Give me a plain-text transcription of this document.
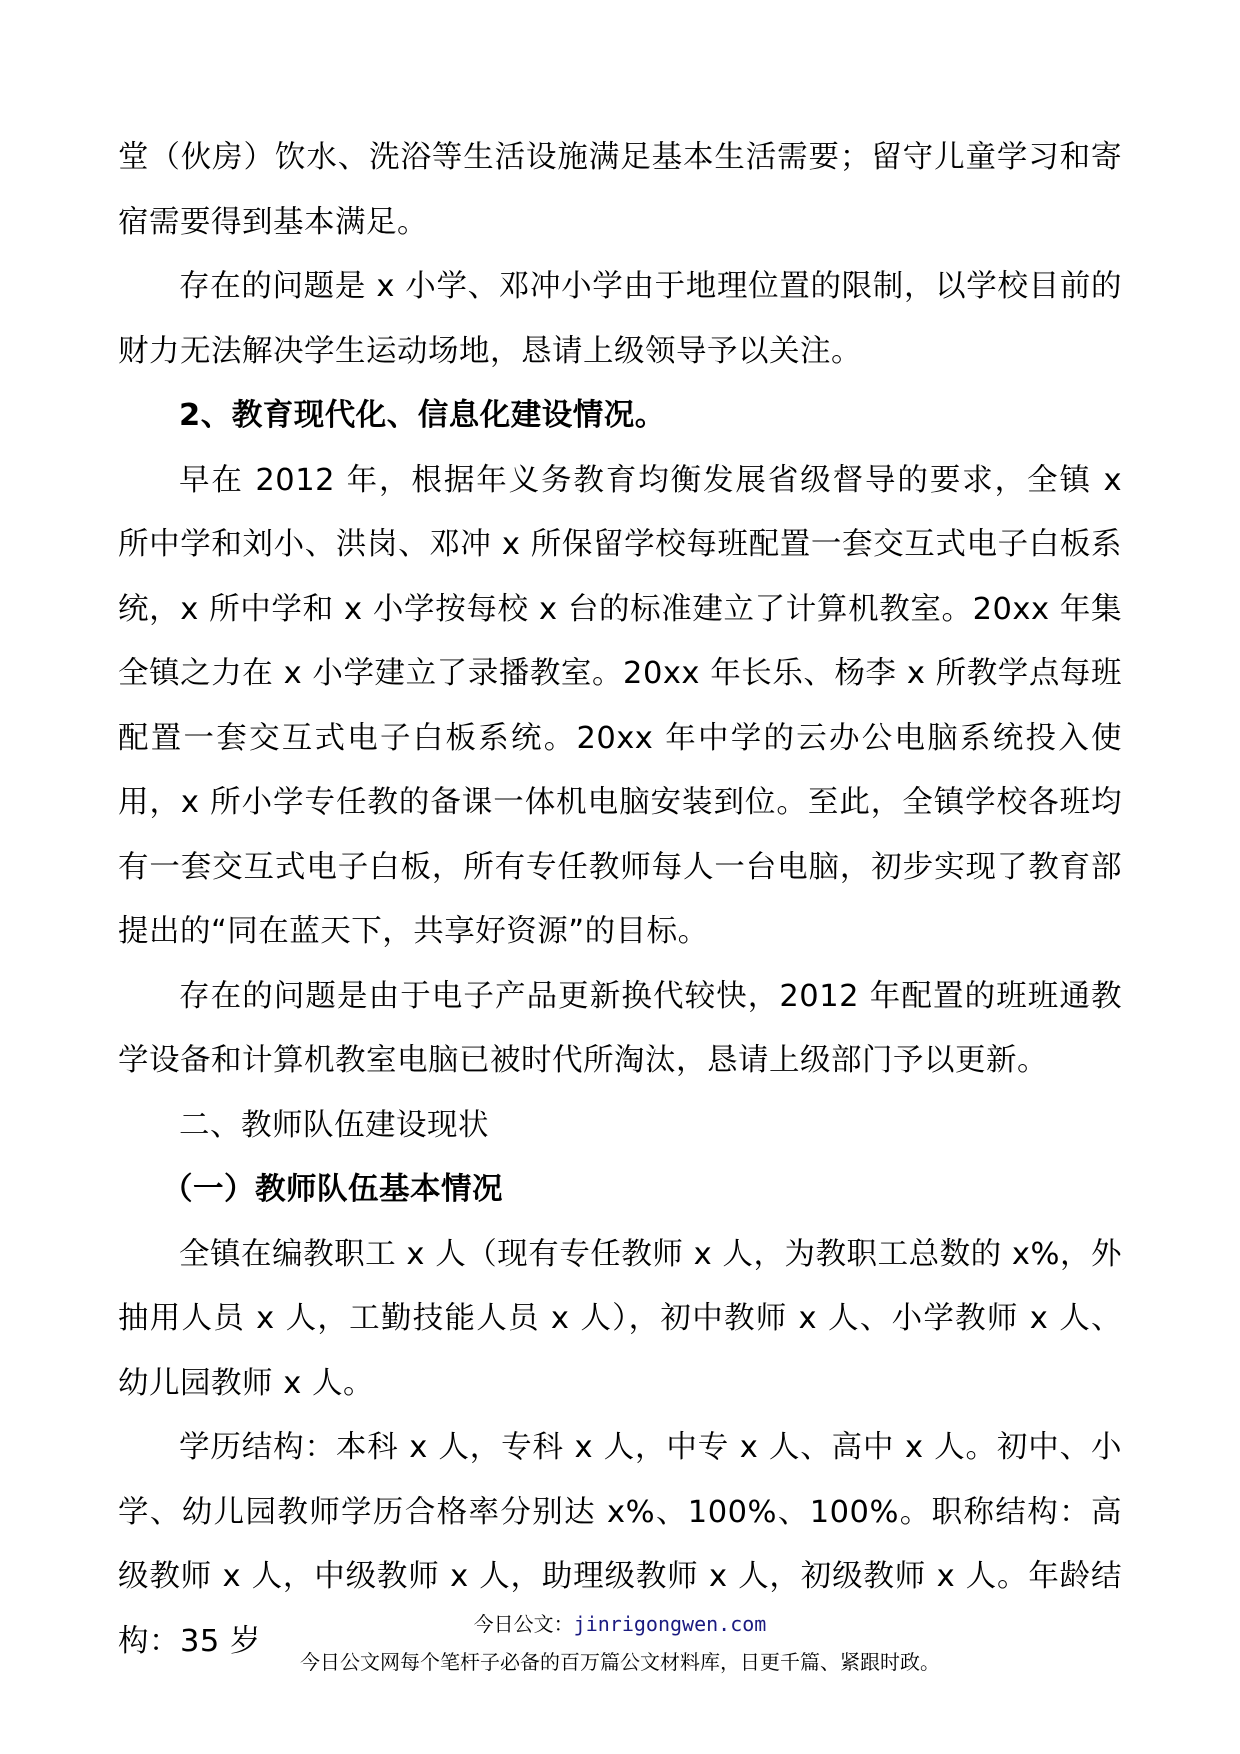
堂（伙房）饮水、洗浴等生活设施满足基本生活需要；留守儿童学习和寄宿需要得到基本满足。

存在的问题是 x 小学、邓冲小学由于地理位置的限制，以学校目前的财力无法解决学生运动场地，恳请上级领导予以关注。

2、教育现代化、信息化建设情况。

早在 2012 年，根据年义务教育均衡发展省级督导的要求，全镇 x 所中学和刘小、洪岗、邓冲 x 所保留学校每班配置一套交互式电子白板系统，x 所中学和 x 小学按每校 x 台的标准建立了计算机教室。20xx 年集全镇之力在 x 小学建立了录播教室。20xx 年长乐、杨李 x 所教学点每班配置一套交互式电子白板系统。20xx 年中学的云办公电脑系统投入使用，x 所小学专任教的备课一体机电脑安装到位。至此，全镇学校各班均有一套交互式电子白板，所有专任教师每人一台电脑，初步实现了教育部提出的“同在蓝天下，共享好资源”的目标。

存在的问题是由于电子产品更新换代较快，2012 年配置的班班通教学设备和计算机教室电脑已被时代所淘汰，恳请上级部门予以更新。

二、教师队伍建设现状

（一）教师队伍基本情况

全镇在编教职工 x 人（现有专任教师 x 人，为教职工总数的 x%，外抽用人员 x 人，工勤技能人员 x 人），初中教师 x 人、小学教师 x 人、幼儿园教师 x 人。

学历结构：本科 x 人，专科 x 人，中专 x 人、高中 x 人。初中、小学、幼儿园教师学历合格率分别达 x%、100%、100%。职称结构：高级教师 x 人，中级教师 x 人，助理级教师 x 人，初级教师 x 人。年龄结构：35 岁	今日公文：jinrigongwen.com
今日公文网每个笔杆子必备的百万篇公文材料库，日更千篇、紧跟时政。
